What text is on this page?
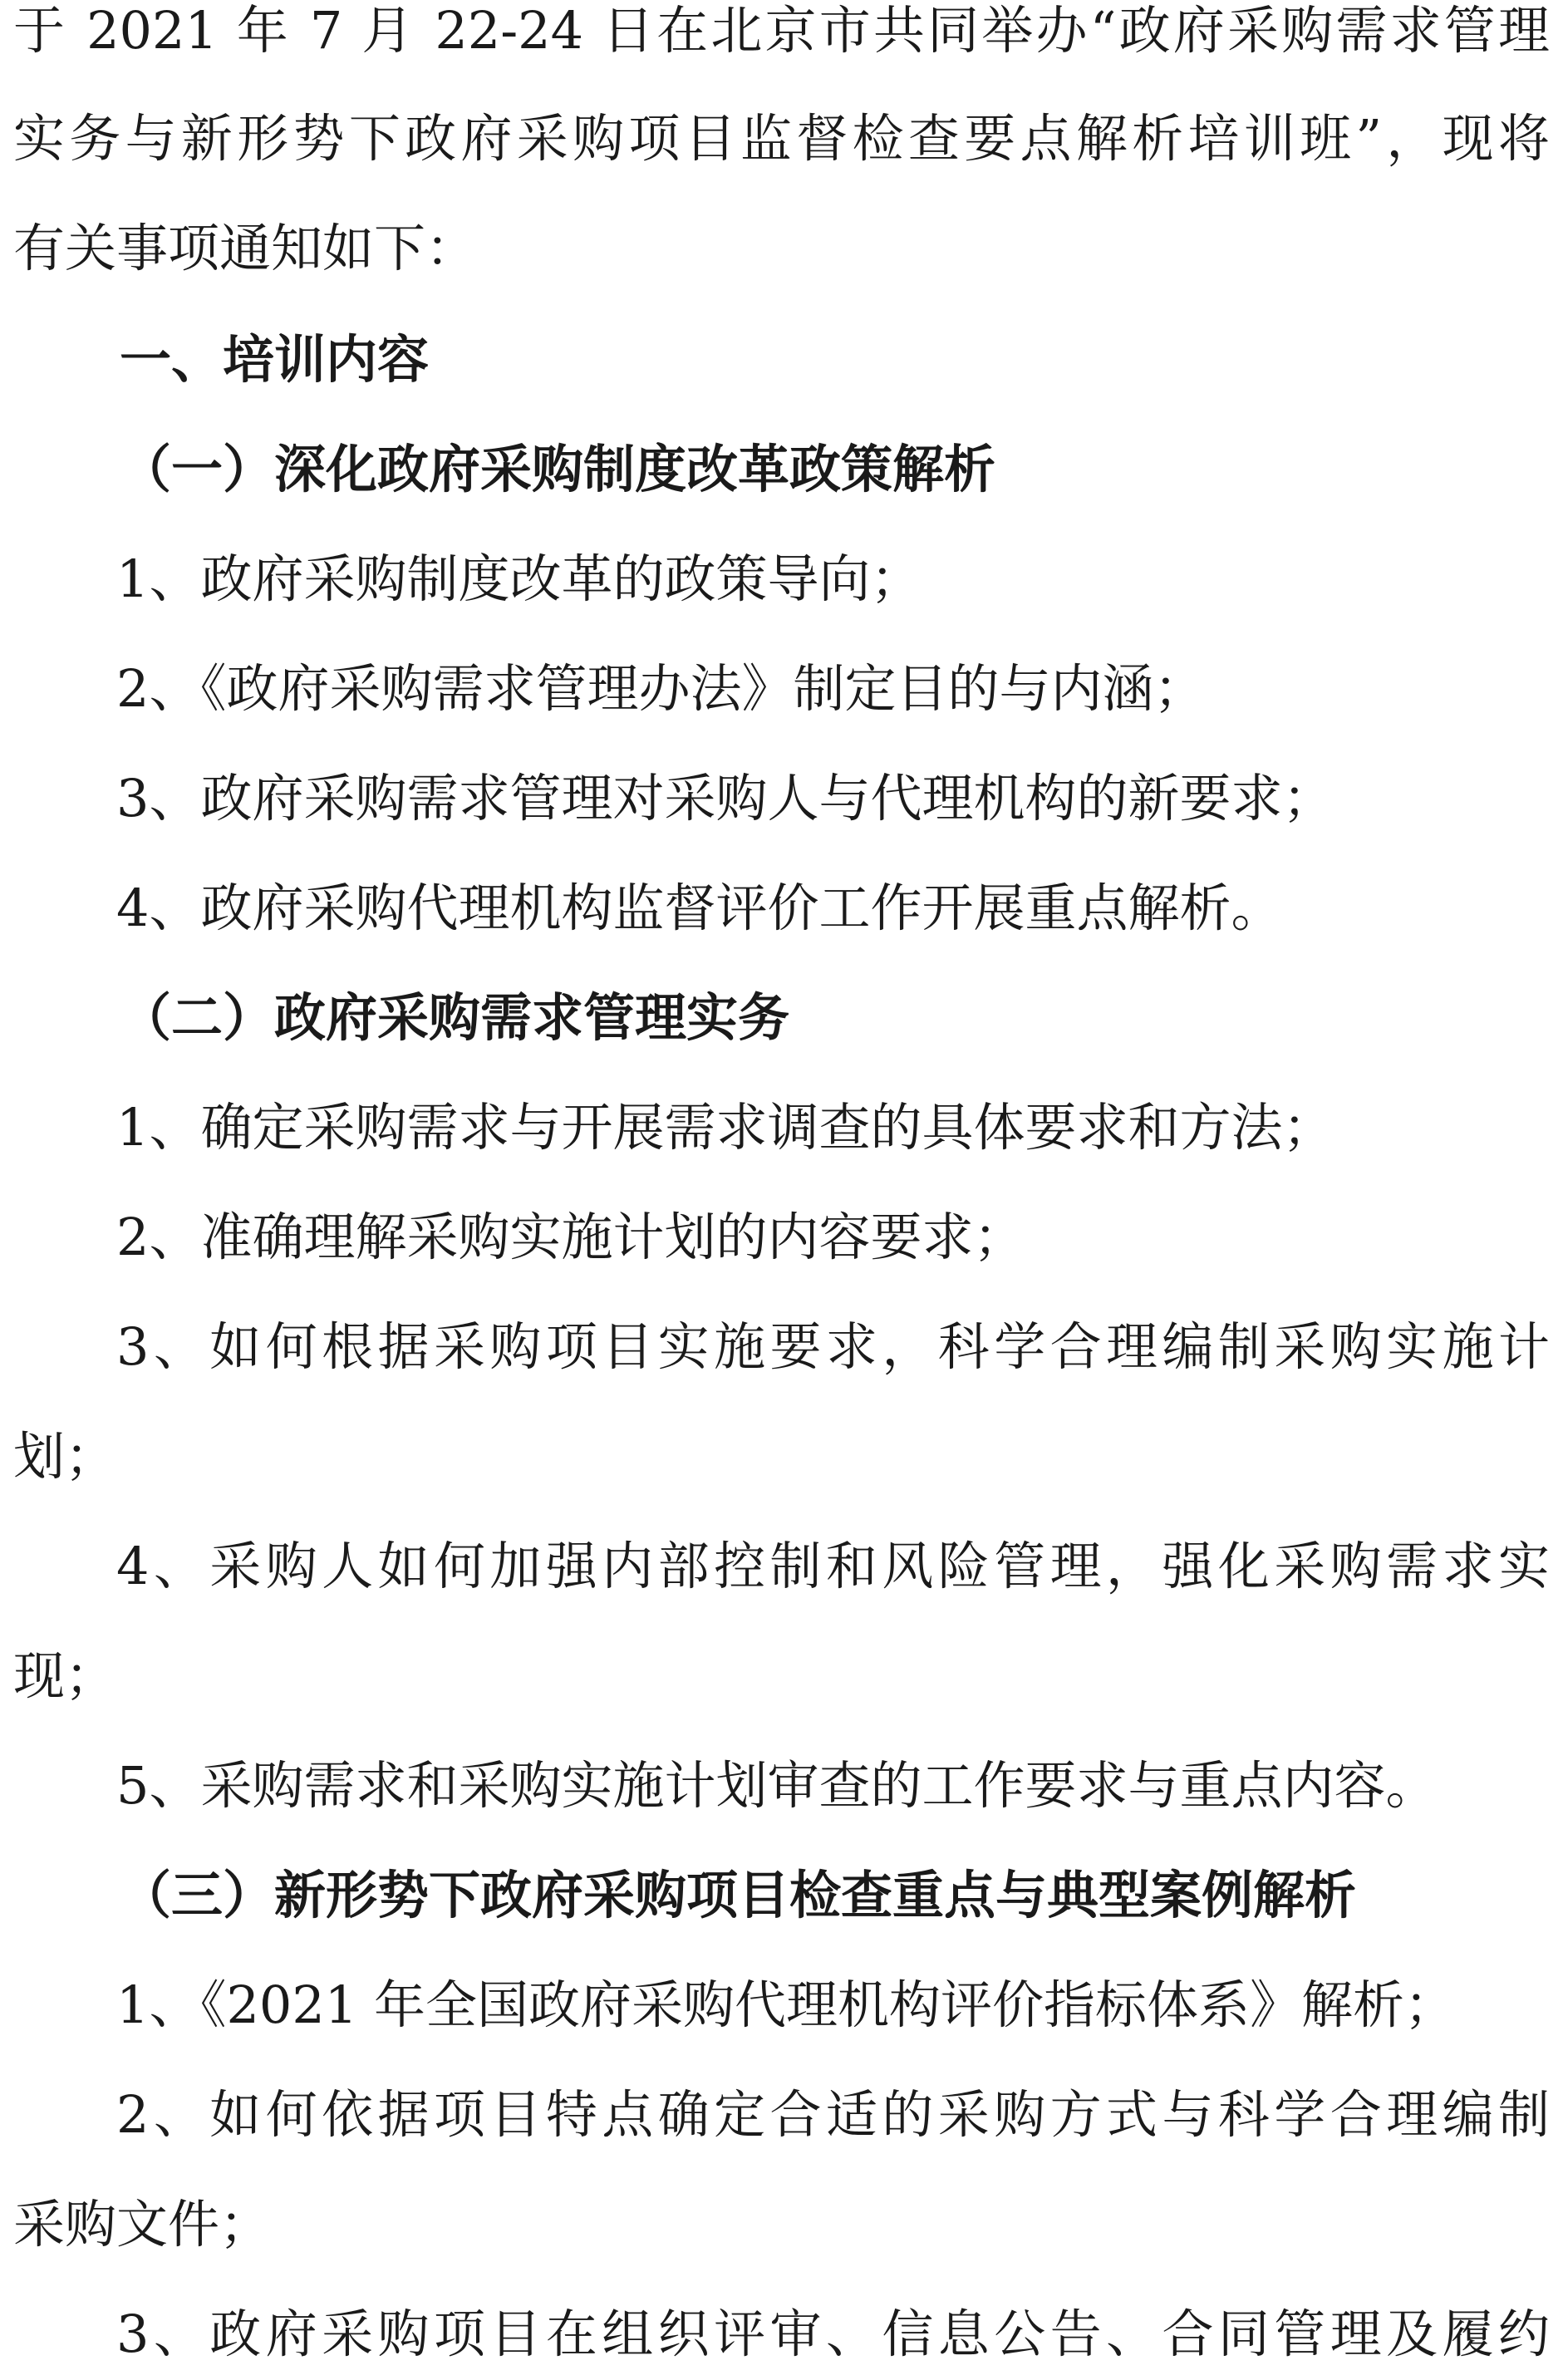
于 2021 年 7 月 22-24 日在北京市共同举办“政府采购需求管理
实务与新形势下政府采购项目监督检查要点解析培训班”，现将
有关事项通知如下：
一、培训内容
（一）深化政府采购制度改革政策解析
1、政府采购制度改革的政策导向；
2、《政府采购需求管理办法》制定目的与内涵；
3、政府采购需求管理对采购人与代理机构的新要求；
4、政府采购代理机构监督评价工作开展重点解析。
（二）政府采购需求管理实务
1、确定采购需求与开展需求调查的具体要求和方法；
2、准确理解采购实施计划的内容要求；
3、如何根据采购项目实施要求，科学合理编制采购实施计
划；
4、采购人如何加强内部控制和风险管理，强化采购需求实
现；
5、采购需求和采购实施计划审查的工作要求与重点内容。
（三）新形势下政府采购项目检查重点与典型案例解析
1、《2021 年全国政府采购代理机构评价指标体系》解析；
2、如何依据项目特点确定合适的采购方式与科学合理编制
采购文件；
3、政府采购项目在组织评审、信息公告、合同管理及履约
